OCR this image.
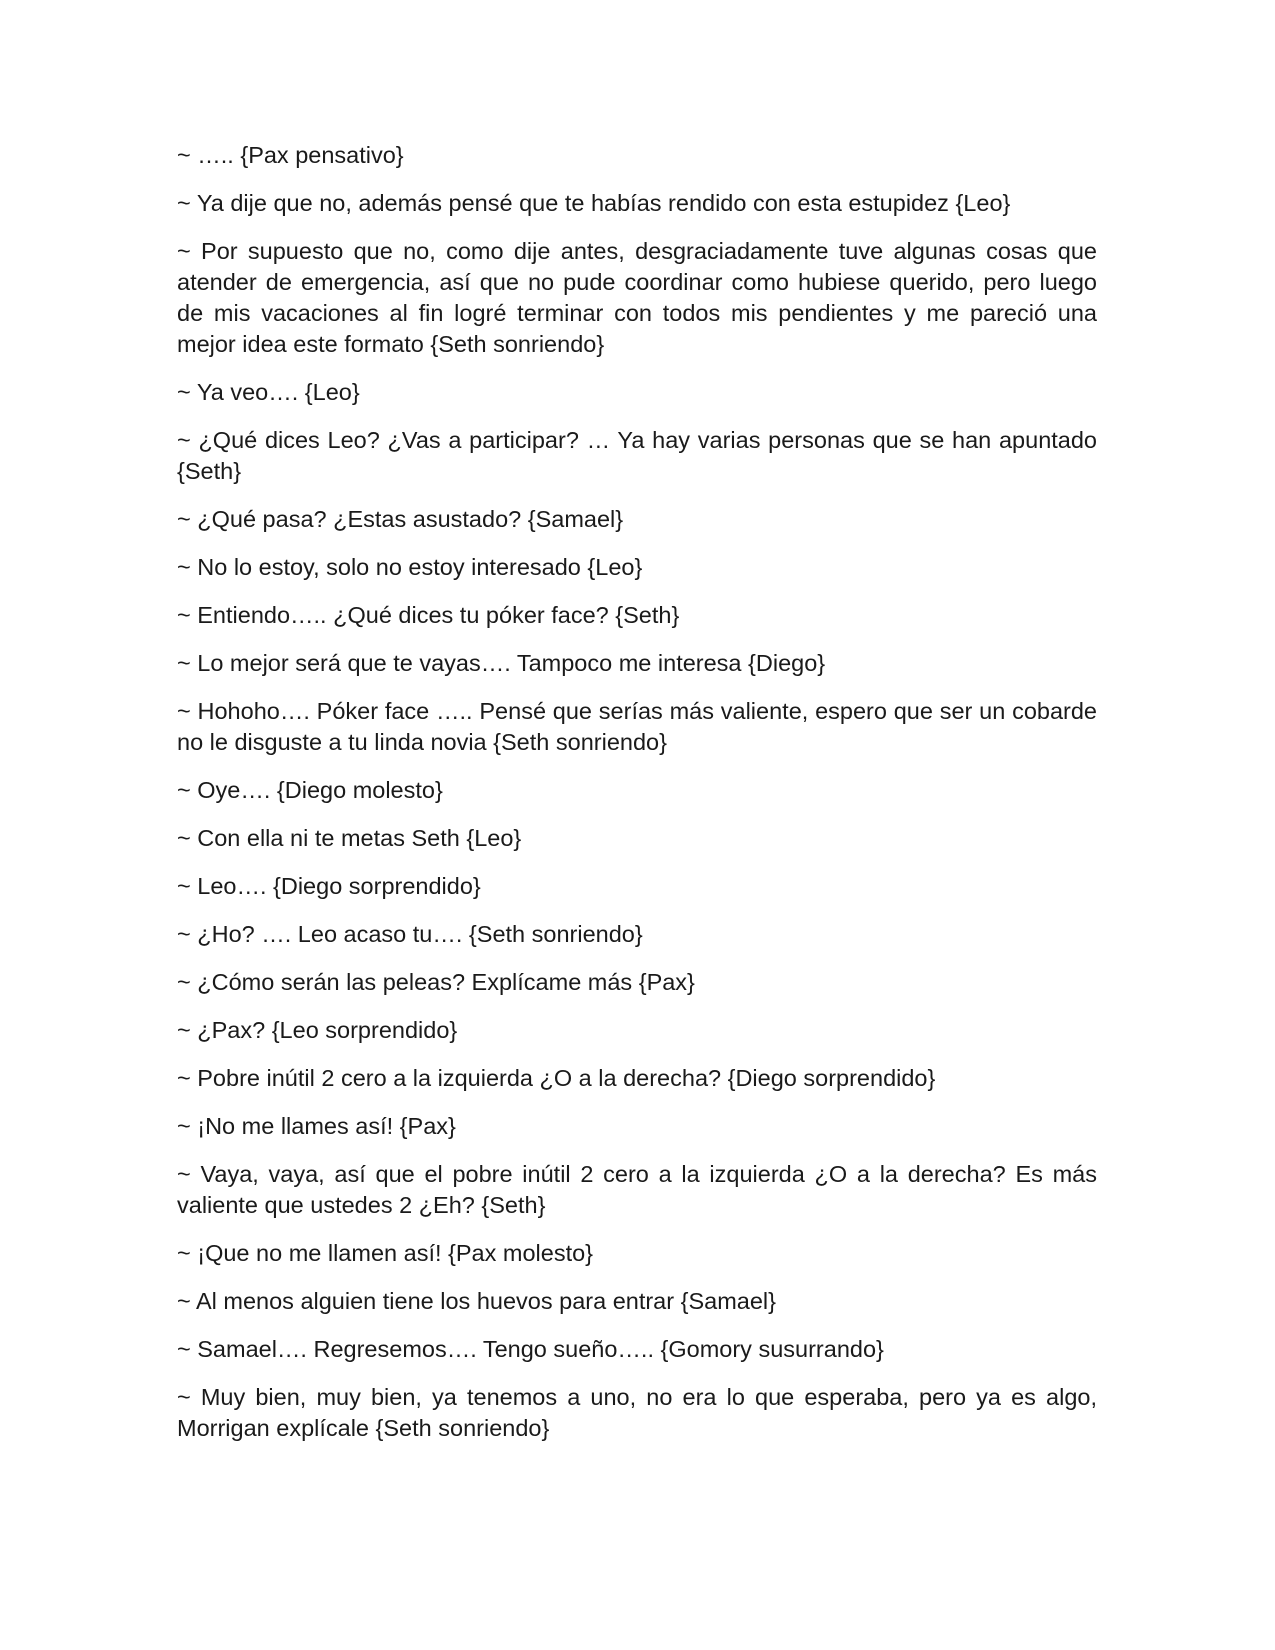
~ ….. {Pax pensativo}

~ Ya dije que no, además pensé que te habías rendido con esta estupidez {Leo}

~ Por supuesto que no, como dije antes, desgraciadamente tuve algunas cosas que atender de emergencia, así que no pude coordinar como hubiese querido, pero luego de mis vacaciones al fin logré terminar con todos mis pendientes y me pareció una mejor idea este formato {Seth sonriendo}

~ Ya veo…. {Leo}

~ ¿Qué dices Leo? ¿Vas a participar? … Ya hay varias personas que se han apuntado {Seth}

~ ¿Qué pasa? ¿Estas asustado? {Samael}

~ No lo estoy, solo no estoy interesado {Leo}

~ Entiendo….. ¿Qué dices tu póker face? {Seth}

~ Lo mejor será que te vayas…. Tampoco me interesa {Diego}

~ Hohoho…. Póker face ….. Pensé que serías más valiente, espero que ser un cobarde no le disguste a tu linda novia {Seth sonriendo}

~ Oye…. {Diego molesto}

~ Con ella ni te metas Seth {Leo}

~ Leo…. {Diego sorprendido}

~ ¿Ho? …. Leo acaso tu…. {Seth sonriendo}

~ ¿Cómo serán las peleas? Explícame más {Pax}

~ ¿Pax? {Leo sorprendido}

~ Pobre inútil 2 cero a la izquierda ¿O a la derecha? {Diego sorprendido}

~ ¡No me llames así! {Pax}

~ Vaya, vaya, así que el pobre inútil 2 cero a la izquierda ¿O a la derecha? Es más valiente que ustedes 2 ¿Eh? {Seth}

~ ¡Que no me llamen así! {Pax molesto}

~ Al menos alguien tiene los huevos para entrar {Samael}

~ Samael…. Regresemos…. Tengo sueño….. {Gomory susurrando}

~ Muy bien, muy bien, ya tenemos a uno, no era lo que esperaba, pero ya es algo, Morrigan explícale {Seth sonriendo}
